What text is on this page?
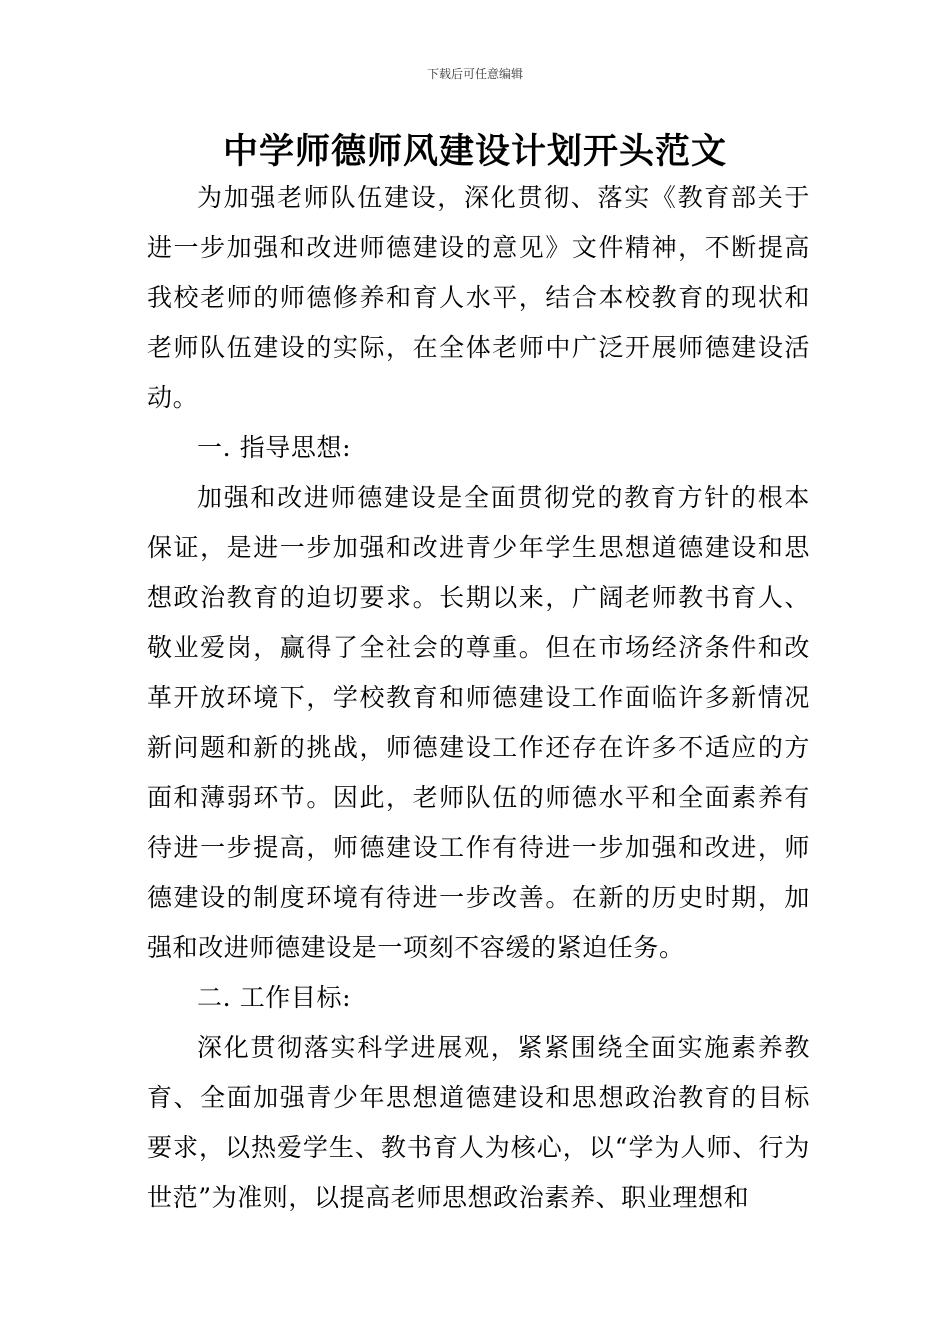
下载后可任意编辑
中学师德师风建设计划开头范文

为加强老师队伍建设，深化贯彻、落实《教育部关于进一步加强和改进师德建设的意见》文件精神，不断提高我校老师的师德修养和育人水平，结合本校教育的现状和老师队伍建设的实际，在全体老师中广泛开展师德建设活动。

一. 指导思想:

加强和改进师德建设是全面贯彻党的教育方针的根本保证，是进一步加强和改进青少年学生思想道德建设和思想政治教育的迫切要求。长期以来，广阔老师教书育人、敬业爱岗，赢得了全社会的尊重。但在市场经济条件和改革开放环境下，学校教育和师德建设工作面临许多新情况新问题和新的挑战，师德建设工作还存在许多不适应的方面和薄弱环节。因此，老师队伍的师德水平和全面素养有待进一步提高，师德建设工作有待进一步加强和改进，师德建设的制度环境有待进一步改善。在新的历史时期，加强和改进师德建设是一项刻不容缓的紧迫任务。

二. 工作目标:

深化贯彻落实科学进展观，紧紧围绕全面实施素养教育、全面加强青少年思想道德建设和思想政治教育的目标要求，以热爱学生、教书育人为核心，以“学为人师、行为世范”为准则，以提高老师思想政治素养、职业理想和
